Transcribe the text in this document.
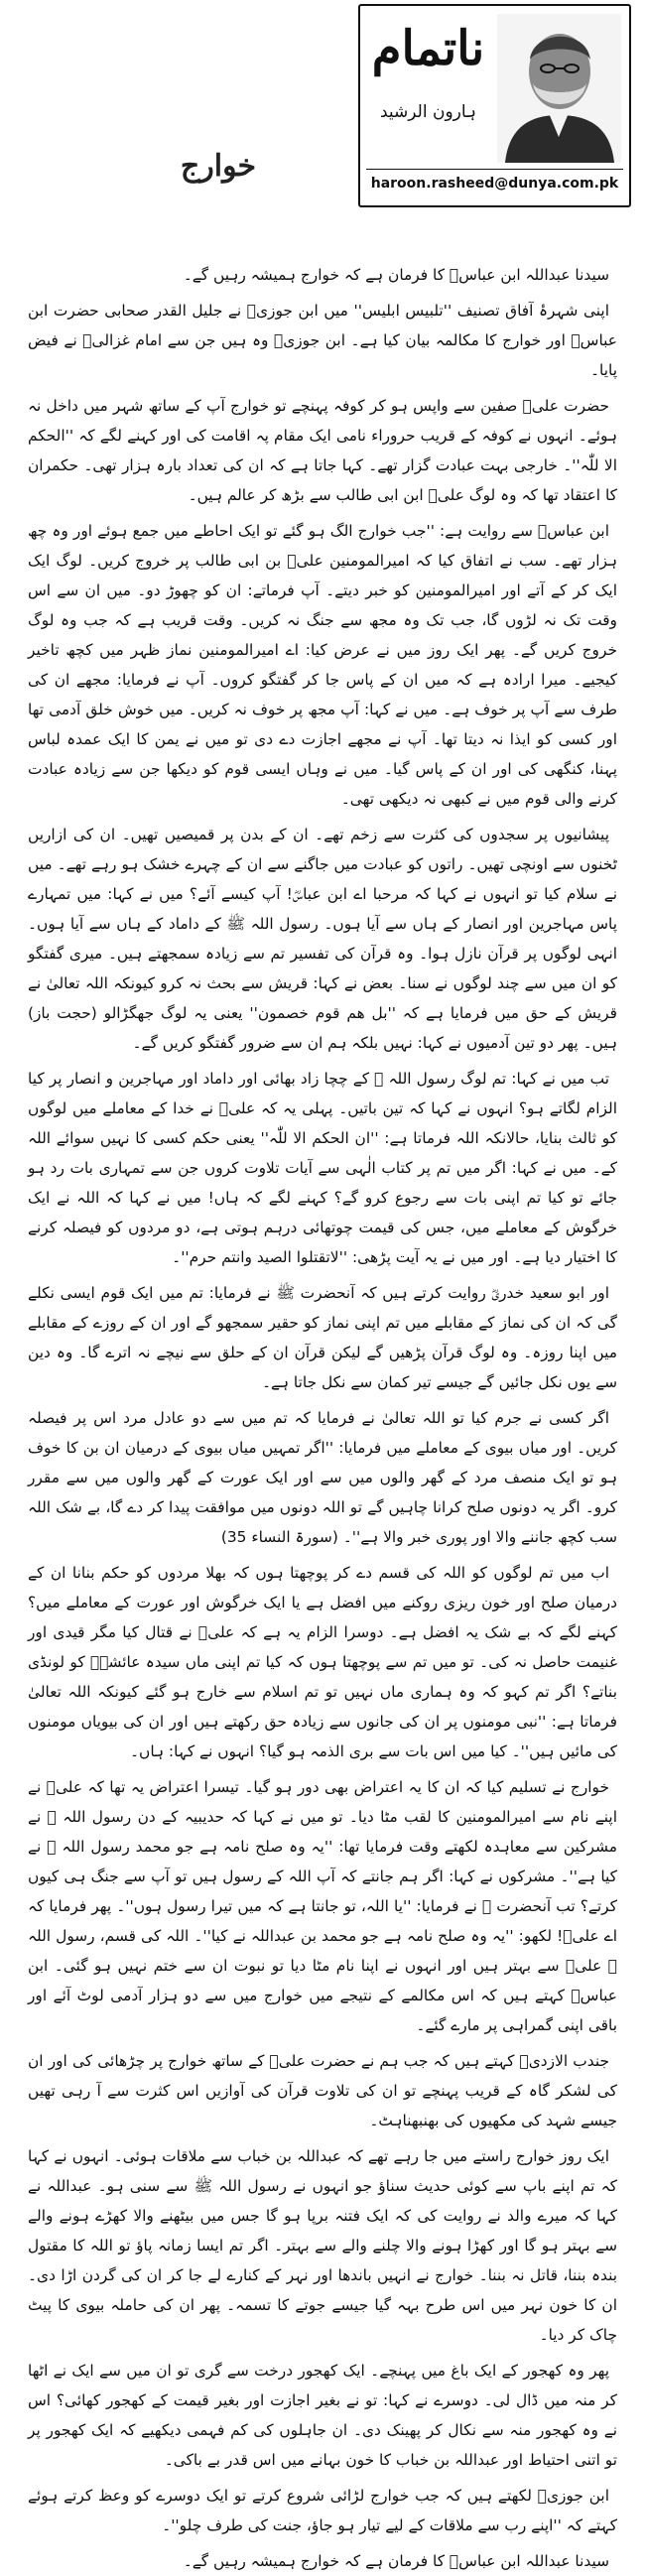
ناتمام
ہارون الرشید
haroon.rasheed@dunya.com.pk
خوارج

سیدنا عبداللہ ابن عباسؓ کا فرمان ہے کہ خوارج ہمیشہ رہیں گے۔

اپنی شہرۂ آفاق تصنیف ''تلبیس ابلیس'' میں ابن جوزیؒ نے جلیل القدر صحابی حضرت ابن عباسؓ اور خوارج کا مکالمہ بیان کیا ہے۔ ابن جوزیؒ وہ ہیں جن سے امام غزالیؒ نے فیض پایا۔

حضرت علیؓ صفین سے واپس ہو کر کوفہ پہنچے تو خوارج آپ کے ساتھ شہر میں داخل نہ ہوئے۔ انہوں نے کوفہ کے قریب حروراء نامی ایک مقام پہ اقامت کی اور کہنے لگے کہ ''الحکم الا للّٰہ''۔ خارجی بہت عبادت گزار تھے۔ کہا جاتا ہے کہ ان کی تعداد بارہ ہزار تھی۔ حکمران کا اعتقاد تھا کہ وہ لوگ علیؓ ابن ابی طالب سے بڑھ کر عالم ہیں۔

ابن عباسؓ سے روایت ہے: ''جب خوارج الگ ہو گئے تو ایک احاطے میں جمع ہوئے اور وہ چھ ہزار تھے۔ سب نے اتفاق کیا کہ امیرالمومنین علیؓ بن ابی طالب پر خروج کریں۔ لوگ ایک ایک کر کے آتے اور امیرالمومنین کو خبر دیتے۔ آپ فرماتے: ان کو چھوڑ دو۔ میں ان سے اس وقت تک نہ لڑوں گا، جب تک وہ مجھ سے جنگ نہ کریں۔ وقت قریب ہے کہ جب وہ لوگ خروج کریں گے۔ پھر ایک روز میں نے عرض کیا: اے امیرالمومنین نماز ظہر میں کچھ تاخیر کیجیے۔ میرا ارادہ ہے کہ میں ان کے پاس جا کر گفتگو کروں۔ آپ نے فرمایا: مجھے ان کی طرف سے آپ پر خوف ہے۔ میں نے کہا: آپ مجھ پر خوف نہ کریں۔ میں خوش خلق آدمی تھا اور کسی کو ایذا نہ دیتا تھا۔ آپ نے مجھے اجازت دے دی تو میں نے یمن کا ایک عمدہ لباس پہنا، کنگھی کی اور ان کے پاس گیا۔ میں نے وہاں ایسی قوم کو دیکھا جن سے زیادہ عبادت کرنے والی قوم میں نے کبھی نہ دیکھی تھی۔

پیشانیوں پر سجدوں کی کثرت سے زخم تھے۔ ان کے بدن پر قمیصیں تھیں۔ ان کی ازاریں ٹخنوں سے اونچی تھیں۔ راتوں کو عبادت میں جاگنے سے ان کے چہرے خشک ہو رہے تھے۔ میں نے سلام کیا تو انہوں نے کہا کہ مرحبا اے ابن عباسؓ! آپ کیسے آئے؟ میں نے کہا: میں تمہارے پاس مہاجرین اور انصار کے ہاں سے آیا ہوں۔ رسول اللہ ﷺ کے داماد کے ہاں سے آیا ہوں۔ انہی لوگوں پر قرآن نازل ہوا۔ وہ قرآن کی تفسیر تم سے زیادہ سمجھتے ہیں۔ میری گفتگو کو ان میں سے چند لوگوں نے سنا۔ بعض نے کہا: قریش سے بحث نہ کرو کیونکہ اللہ تعالیٰ نے قریش کے حق میں فرمایا ہے کہ ''بل ھم قوم خصمون'' یعنی یہ لوگ جھگڑالو (حجت باز) ہیں۔ پھر دو تین آدمیوں نے کہا: نہیں بلکہ ہم ان سے ضرور گفتگو کریں گے۔

تب میں نے کہا: تم لوگ رسول اللہ ﷺ کے چچا زاد بھائی اور داماد اور مہاجرین و انصار پر کیا الزام لگاتے ہو؟ انہوں نے کہا کہ تین باتیں۔ پہلی یہ کہ علیؓ نے خدا کے معاملے میں لوگوں کو ثالث بنایا، حالانکہ اللہ فرماتا ہے: ''ان الحکم الا للّٰہ'' یعنی حکم کسی کا نہیں سوائے اللہ کے۔ میں نے کہا: اگر میں تم پر کتاب الٰہی سے آیات تلاوت کروں جن سے تمہاری بات رد ہو جائے تو کیا تم اپنی بات سے رجوع کرو گے؟ کہنے لگے کہ ہاں! میں نے کہا کہ اللہ نے ایک خرگوش کے معاملے میں، جس کی قیمت چوتھائی درہم ہوتی ہے، دو مردوں کو فیصلہ کرنے کا اختیار دیا ہے۔ اور میں نے یہ آیت پڑھی: ''لاتقتلوا الصید وانتم حرم''۔

اور ابو سعید خدریؓ روایت کرتے ہیں کہ آنحضرت ﷺ نے فرمایا: تم میں ایک قوم ایسی نکلے گی کہ ان کی نماز کے مقابلے میں تم اپنی نماز کو حقیر سمجھو گے اور ان کے روزے کے مقابلے میں اپنا روزہ۔ وہ لوگ قرآن پڑھیں گے لیکن قرآن ان کے حلق سے نیچے نہ اترے گا۔ وہ دین سے یوں نکل جائیں گے جیسے تیر کمان سے نکل جاتا ہے۔

اگر کسی نے جرم کیا تو اللہ تعالیٰ نے فرمایا کہ تم میں سے دو عادل مرد اس پر فیصلہ کریں۔ اور میاں بیوی کے معاملے میں فرمایا: ''اگر تمہیں میاں بیوی کے درمیان ان بن کا خوف ہو تو ایک منصف مرد کے گھر والوں میں سے اور ایک عورت کے گھر والوں میں سے مقرر کرو۔ اگر یہ دونوں صلح کرانا چاہیں گے تو اللہ دونوں میں موافقت پیدا کر دے گا، بے شک اللہ سب کچھ جاننے والا اور پوری خبر والا ہے''۔ (سورۃ النساء 35)

اب میں تم لوگوں کو اللہ کی قسم دے کر پوچھتا ہوں کہ بھلا مردوں کو حکم بنانا ان کے درمیان صلح اور خون ریزی روکنے میں افضل ہے یا ایک خرگوش اور عورت کے معاملے میں؟ کہنے لگے کہ بے شک یہ افضل ہے۔ دوسرا الزام یہ ہے کہ علیؓ نے قتال کیا مگر قیدی اور غنیمت حاصل نہ کی۔ تو میں تم سے پوچھتا ہوں کہ کیا تم اپنی ماں سیدہ عائشہؓ کو لونڈی بناتے؟ اگر تم کہو کہ وہ ہماری ماں نہیں تو تم اسلام سے خارج ہو گئے کیونکہ اللہ تعالیٰ فرماتا ہے: ''نبی مومنوں پر ان کی جانوں سے زیادہ حق رکھتے ہیں اور ان کی بیویاں مومنوں کی مائیں ہیں''۔ کیا میں اس بات سے بری الذمہ ہو گیا؟ انہوں نے کہا: ہاں۔

خوارج نے تسلیم کیا کہ ان کا یہ اعتراض بھی دور ہو گیا۔ تیسرا اعتراض یہ تھا کہ علیؓ نے اپنے نام سے امیرالمومنین کا لقب مٹا دیا۔ تو میں نے کہا کہ حدیبیہ کے دن رسول اللہ ﷺ نے مشرکین سے معاہدہ لکھتے وقت فرمایا تھا: ''یہ وہ صلح نامہ ہے جو محمد رسول اللہ ﷺ نے کیا ہے''۔ مشرکوں نے کہا: اگر ہم جانتے کہ آپ اللہ کے رسول ہیں تو آپ سے جنگ ہی کیوں کرتے؟ تب آنحضرت ﷺ نے فرمایا: ''یا اللہ، تو جانتا ہے کہ میں تیرا رسول ہوں''۔ پھر فرمایا کہ اے علیؓ! لکھو: ''یہ وہ صلح نامہ ہے جو محمد بن عبداللہ نے کیا''۔ اللہ کی قسم، رسول اللہ ﷺ علیؓ سے بہتر ہیں اور انہوں نے اپنا نام مٹا دیا تو نبوت ان سے ختم نہیں ہو گئی۔ ابن عباسؓ کہتے ہیں کہ اس مکالمے کے نتیجے میں خوارج میں سے دو ہزار آدمی لوٹ آئے اور باقی اپنی گمراہی پر مارے گئے۔

جندب الازدیؓ کہتے ہیں کہ جب ہم نے حضرت علیؓ کے ساتھ خوارج پر چڑھائی کی اور ان کی لشکر گاہ کے قریب پہنچے تو ان کی تلاوت قرآن کی آوازیں اس کثرت سے آ رہی تھیں جیسے شہد کی مکھیوں کی بھنبھناہٹ۔

ایک روز خوارج راستے میں جا رہے تھے کہ عبداللہ بن خباب سے ملاقات ہوئی۔ انہوں نے کہا کہ تم اپنے باپ سے کوئی حدیث سناؤ جو انہوں نے رسول اللہ ﷺ سے سنی ہو۔ عبداللہ نے کہا کہ میرے والد نے روایت کی کہ ایک فتنہ برپا ہو گا جس میں بیٹھنے والا کھڑے ہونے والے سے بہتر ہو گا اور کھڑا ہونے والا چلنے والے سے بہتر۔ اگر تم ایسا زمانہ پاؤ تو اللہ کا مقتول بندہ بننا، قاتل نہ بننا۔ خوارج نے انہیں باندھا اور نہر کے کنارے لے جا کر ان کی گردن اڑا دی۔ ان کا خون نہر میں اس طرح بہہ گیا جیسے جوتے کا تسمہ۔ پھر ان کی حاملہ بیوی کا پیٹ چاک کر دیا۔

پھر وہ کھجور کے ایک باغ میں پہنچے۔ ایک کھجور درخت سے گری تو ان میں سے ایک نے اٹھا کر منہ میں ڈال لی۔ دوسرے نے کہا: تو نے بغیر اجازت اور بغیر قیمت کے کھجور کھائی؟ اس نے وہ کھجور منہ سے نکال کر پھینک دی۔ ان جاہلوں کی کم فہمی دیکھیے کہ ایک کھجور پر تو اتنی احتیاط اور عبداللہ بن خباب کا خون بہانے میں اس قدر بے باکی۔

ابن جوزیؒ لکھتے ہیں کہ جب خوارج لڑائی شروع کرتے تو ایک دوسرے کو وعظ کرتے ہوئے کہتے کہ ''اپنے رب سے ملاقات کے لیے تیار ہو جاؤ، جنت کی طرف چلو''۔

سیدنا عبداللہ ابن عباسؓ کا فرمان ہے کہ خوارج ہمیشہ رہیں گے۔
